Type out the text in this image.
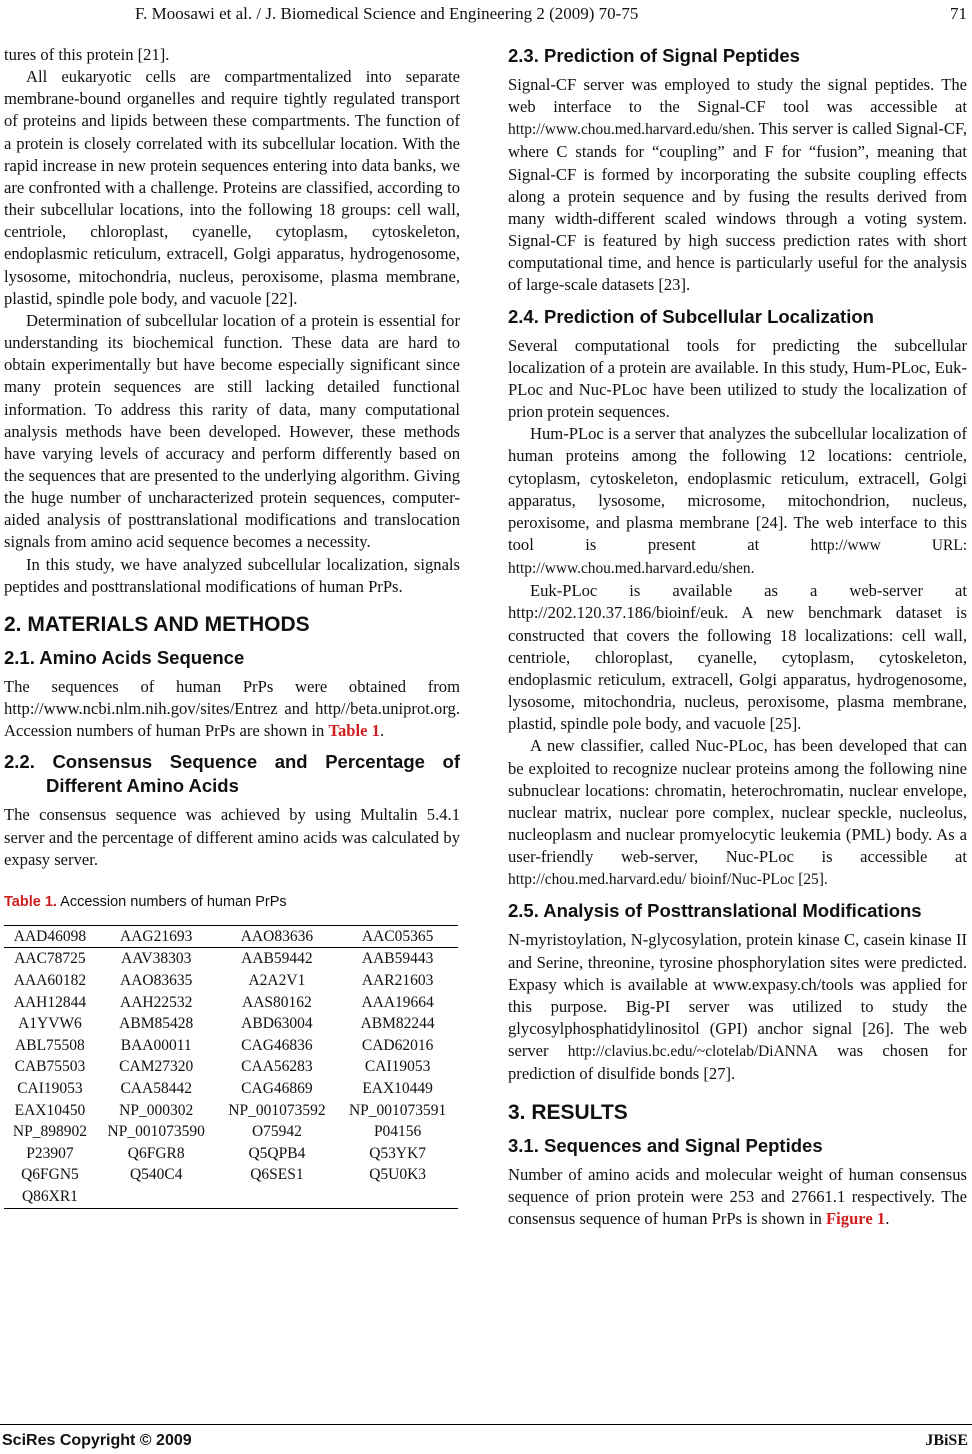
F. Moosawi et al. / J. Biomedical Science and Engineering 2 (2009) 70-75	71

tures of this protein [21].

All eukaryotic cells are compartmentalized into separate membrane-bound organelles and require tightly regulated transport of proteins and lipids between these compartments. The function of a protein is closely correlated with its subcellular location. With the rapid increase in new protein sequences entering into data banks, we are confronted with a challenge. Proteins are classified, according to their subcellular locations, into the following 18 groups: cell wall, centriole, chloroplast, cyanelle, cytoplasm, cytoskeleton, endoplasmic reticulum, extracell, Golgi apparatus, hydrogenosome, lysosome, mitochondria, nucleus, peroxisome, plasma membrane, plastid, spindle pole body, and vacuole [22].

Determination of subcellular location of a protein is essential for understanding its biochemical function. These data are hard to obtain experimentally but have become especially significant since many protein sequences are still lacking detailed functional information. To address this rarity of data, many computational analysis methods have been developed. However, these methods have varying levels of accuracy and perform differently based on the sequences that are presented to the underlying algorithm. Giving the huge number of uncharacterized protein sequences, computer-aided analysis of posttranslational modifications and translocation signals from amino acid sequence becomes a necessity.

In this study, we have analyzed subcellular localization, signals peptides and posttranslational modifications of human PrPs.

2. MATERIALS AND METHODS
2.1. Amino Acids Sequence

The sequences of human PrPs were obtained from http://www.ncbi.nlm.nih.gov/sites/Entrez and http//beta.uniprot.org. Accession numbers of human PrPs are shown in Table 1.

2.2. Consensus Sequence and Percentage of Different Amino Acids

The consensus sequence was achieved by using Multalin 5.4.1 server and the percentage of different amino acids was calculated by expasy server.

Table 1. Accession numbers of human PrPs
AAD46098	AAG21693	AAO83636	AAC05365
AAC78725	AAV38303	AAB59442	AAB59443
AAA60182	AAO83635	A2A2V1	AAR21603
AAH12844	AAH22532	AAS80162	AAA19664
A1YVW6	ABM85428	ABD63004	ABM82244
ABL75508	BAA00011	CAG46836	CAD62016
CAB75503	CAM27320	CAA56283	CAI19053
CAI19053	CAA58442	CAG46869	EAX10449
EAX10450	NP_000302	NP_001073592	NP_001073591
NP_898902	NP_001073590	O75942	P04156
P23907	Q6FGR8	Q5QPB4	Q53YK7
Q6FGN5	Q540C4	Q6SES1	Q5U0K3
Q86XR1			
2.3. Prediction of Signal Peptides

Signal-CF server was employed to study the signal peptides. The web interface to the Signal-CF tool was accessible at http://www.chou.med.harvard.edu/shen. This server is called Signal-CF, where C stands for “coupling” and F for “fusion”, meaning that Signal-CF is formed by incorporating the subsite coupling effects along a protein sequence and by fusing the results derived from many width-different scaled windows through a voting system. Signal-CF is featured by high success prediction rates with short computational time, and hence is particularly useful for the analysis of large-scale datasets [23].

2.4. Prediction of Subcellular Localization

Several computational tools for predicting the subcellular localization of a protein are available. In this study, Hum-PLoc, Euk-PLoc and Nuc-PLoc have been utilized to study the localization of prion protein sequences.

Hum-PLoc is a server that analyzes the subcellular localization of human proteins among the following 12 locations: centriole, cytoplasm, cytoskeleton, endoplasmic reticulum, extracell, Golgi apparatus, lysosome, microsome, mitochondrion, nucleus, peroxisome, and plasma membrane [24]. The web interface to this tool is present at http://www URL: http://www.chou.med.harvard.edu/shen.

Euk-PLoc is available as a web-server at http://202.120.37.186/bioinf/euk. A new benchmark dataset is constructed that covers the following 18 localizations: cell wall, centriole, chloroplast, cyanelle, cytoplasm, cytoskeleton, endoplasmic reticulum, extracell, Golgi apparatus, hydrogenosome, lysosome, mitochondria, nucleus, peroxisome, plasma membrane, plastid, spindle pole body, and vacuole [25].

A new classifier, called Nuc-PLoc, has been developed that can be exploited to recognize nuclear proteins among the following nine subnuclear locations: chromatin, heterochromatin, nuclear envelope, nuclear matrix, nuclear pore complex, nuclear speckle, nucleolus, nucleoplasm and nuclear promyelocytic leukemia (PML) body. As a user-friendly web-server, Nuc-PLoc is accessible at http://chou.med.harvard.edu/ bioinf/Nuc-PLoc [25].

2.5. Analysis of Posttranslational Modifications

N-myristoylation, N-glycosylation, protein kinase C, casein kinase II and Serine, threonine, tyrosine phosphorylation sites were predicted. Expasy which is available at www.expasy.ch/tools was applied for this purpose. Big-PI server was utilized to study the glycosylphosphatidylinositol (GPI) anchor signal [26]. The web server http://clavius.bc.edu/~clotelab/DiANNA was chosen for prediction of disulfide bonds [27].

3. RESULTS
3.1. Sequences and Signal Peptides

Number of amino acids and molecular weight of human consensus sequence of prion protein were 253 and 27661.1 respectively. The consensus sequence of human PrPs is shown in Figure 1.

SciRes Copyright © 2009	JBiSE
